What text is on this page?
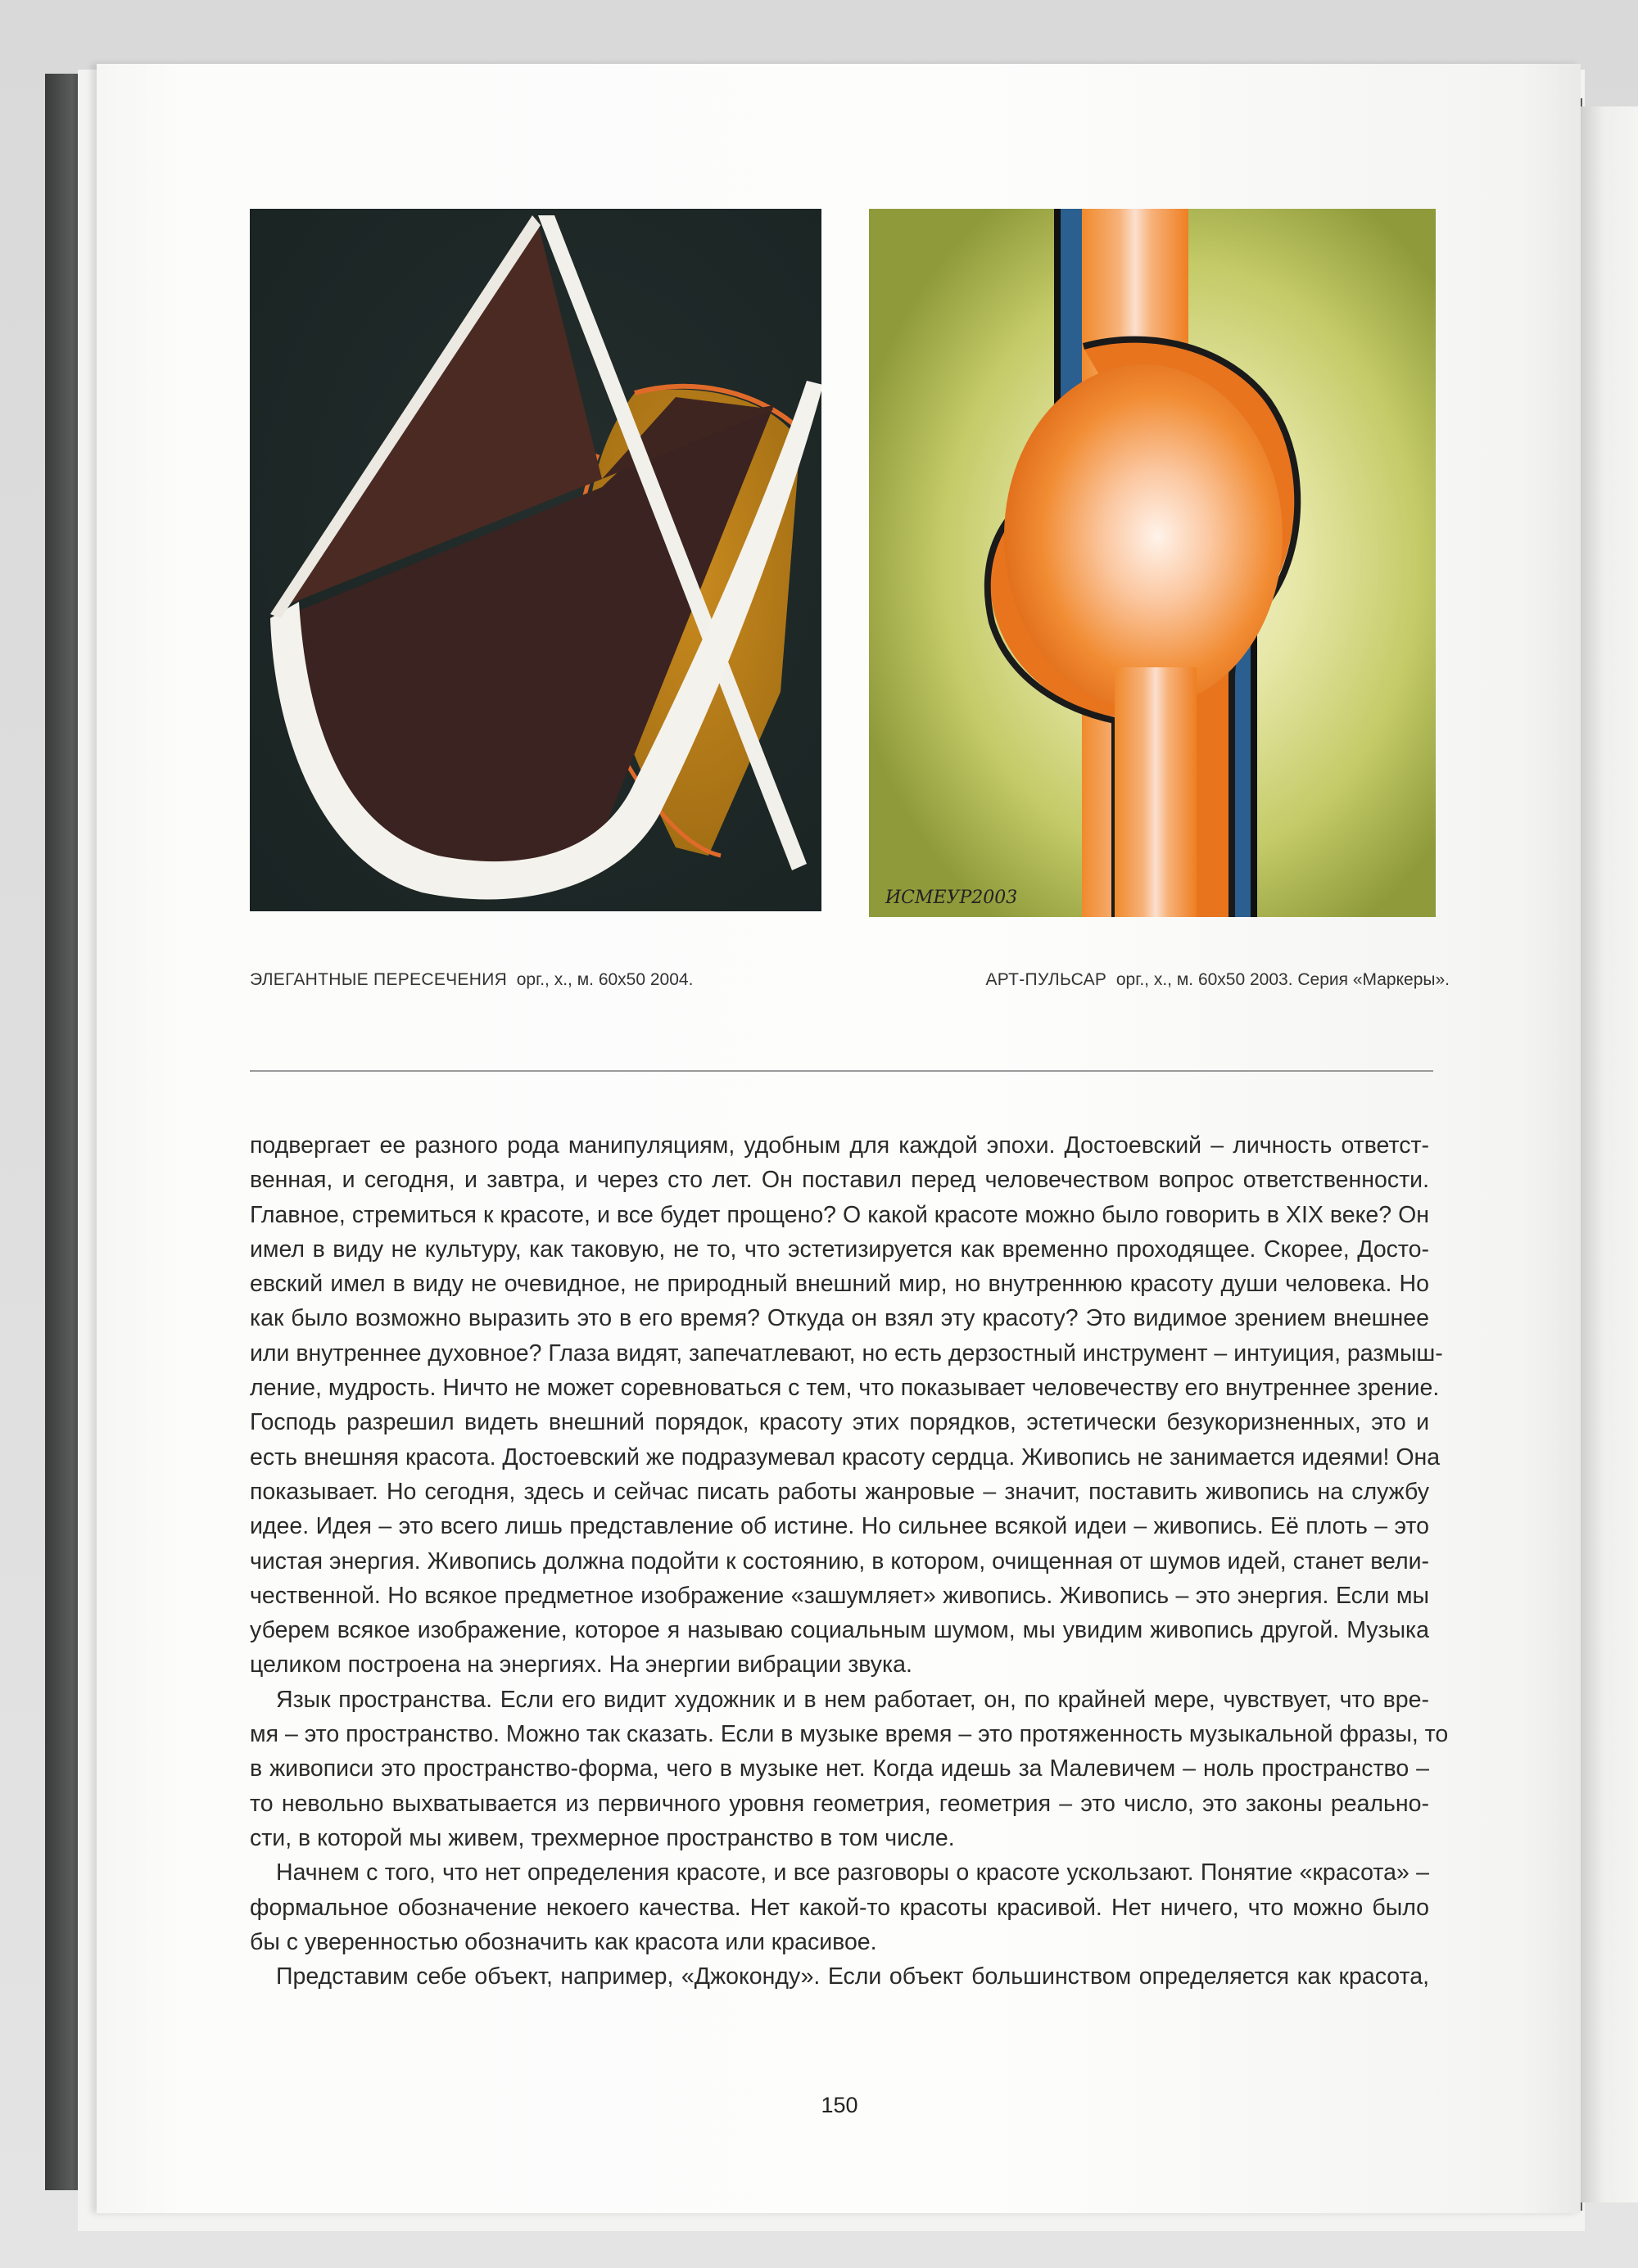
ИСМЕУР2003
ЭЛЕГАНТНЫЕ ПЕРЕСЕЧЕНИЯ орг., х., м. 60х50 2004.	АРТ-ПУЛЬСАР орг., х., м. 60х50 2003. Серия «Маркеры».
подвергает ее разного рода манипуляциям, удобным для каждой эпохи. Достоевский – личность ответст-
венная, и сегодня, и завтра, и через сто лет. Он поставил перед человечеством вопрос ответственности.
Главное, стремиться к красоте, и все будет прощено? О какой красоте можно было говорить в XIX веке? Он
имел в виду не культуру, как таковую, не то, что эстетизируется как временно проходящее. Скорее, Досто-
евский имел в виду не очевидное, не природный внешний мир, но внутреннюю красоту души человека. Но
как было возможно выразить это в его время? Откуда он взял эту красоту? Это видимое зрением внешнее
или внутреннее духовное? Глаза видят, запечатлевают, но есть дерзостный инструмент – интуиция, размыш-
ление, мудрость. Ничто не может соревноваться с тем, что показывает человечеству его внутреннее зрение.
Господь разрешил видеть внешний порядок, красоту этих порядков, эстетически безукоризненных, это и
есть внешняя красота. Достоевский же подразумевал красоту сердца. Живопись не занимается идеями! Она
показывает. Но сегодня, здесь и сейчас писать работы жанровые – значит, поставить живопись на службу
идее. Идея – это всего лишь представление об истине. Но сильнее всякой идеи – живопись. Её плоть – это
чистая энергия. Живопись должна подойти к состоянию, в котором, очищенная от шумов идей, станет вели-
чественной. Но всякое предметное изображение «зашумляет» живопись. Живопись – это энергия. Если мы
уберем всякое изображение, которое я называю социальным шумом, мы увидим живопись другой. Музыка
целиком построена на энергиях. На энергии вибрации звука.
Язык пространства. Если его видит художник и в нем работает, он, по крайней мере, чувствует, что вре-
мя – это пространство. Можно так сказать. Если в музыке время – это протяженность музыкальной фразы, то
в живописи это пространство-форма, чего в музыке нет. Когда идешь за Малевичем – ноль пространство –
то невольно выхватывается из первичного уровня геометрия, геометрия – это число, это законы реально-
сти, в которой мы живем, трехмерное пространство в том числе.
Начнем с того, что нет определения красоте, и все разговоры о красоте ускользают. Понятие «красота» –
формальное обозначение некоего качества. Нет какой-то красоты красивой. Нет ничего, что можно было
бы с уверенностью обозначить как красота или красивое.
Представим себе объект, например, «Джоконду». Если объект большинством определяется как красота,
150
